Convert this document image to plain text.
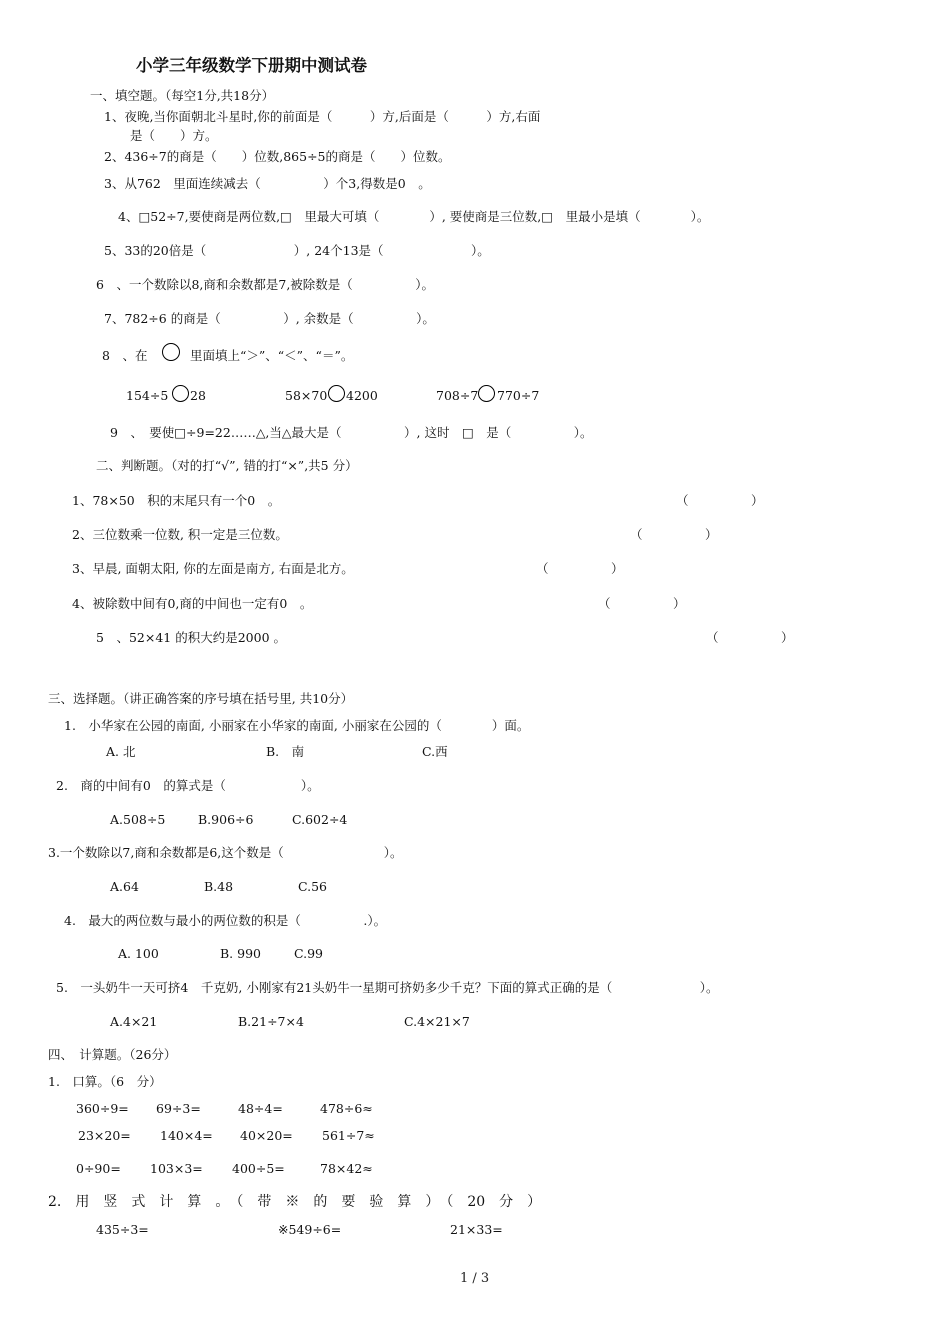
小学三年级数学下册期中测试卷
一、填空题。（每空1分,共18分）
1、夜晚,当你面朝北斗星时,你的前面是（　　　）方,后面是（　　　）方,右面
是（　　）方。
2、436÷7的商是（　　）位数,865÷5的商是（　　）位数。
3、从762　里面连续减去（　　　　　）个3,得数是0　。
4、□52÷7,要使商是两位数,□　里最大可填（　　　　）, 要使商是三位数,□　里最小是填（　　　　）。
5、33的20倍是（　　　　　　　）, 24个13是（　　　　　　　）。
6　、一个数除以8,商和余数都是7,被除数是（　　　　　）。
7、782÷6 的商是（　　　　　）, 余数是（　　　　　）。
8　、在	里面填上“＞”、“＜”、“＝”。
154÷5 28	58×70 4200	708÷7 770÷7
9　、　要使□÷9=22……△,当△最大是（　　　　　）, 这时　□　是（　　　　　）。
二、判断题。（对的打“√”, 错的打“×”,共5 分）
1、78×50　积的末尾只有一个0　。	（　　　　　）
2、三位数乘一位数, 积一定是三位数。	（　　　　　）
3、早晨, 面朝太阳, 你的左面是南方, 右面是北方。	（　　　　　）
4、被除数中间有0,商的中间也一定有0　。	（　　　　　）
5　、52×41 的积大约是2000 。	（　　　　　）
三、选择题。（讲正确答案的序号填在括号里, 共10分）
1.　小华家在公园的南面, 小丽家在小华家的南面, 小丽家在公园的（　　　　）面。
A. 北	B.　南	C.西
2.　商的中间有0　的算式是（　　　　　　）。
A.508÷5	B.906÷6	C.602÷4
3.一个数除以7,商和余数都是6,这个数是（　　　　　　　　）。
A.64	B.48	C.56
4.　最大的两位数与最小的两位数的积是（　　　　　.）。
A. 100	B. 990	C.99
5.　一头奶牛一天可挤4　千克奶, 小刚家有21头奶牛一星期可挤奶多少千克？下面的算式正确的是（　　　　　　　）。
A.4×21	B.21÷7×4	C.4×21×7
四、　计算题。（26分）
1.　口算。（6　分）
360÷9= 69÷3=	48÷4=	478÷6≈
23×20= 140×4= 40×20= 561÷7≈
0÷90= 103×3= 400÷5=	78×42≈
2.　用　竖　式　计　算　。　（　带　※　的　要　验　算　）　（　20　分　）
435÷3=	※549÷6=	21×33=
1 / 3
